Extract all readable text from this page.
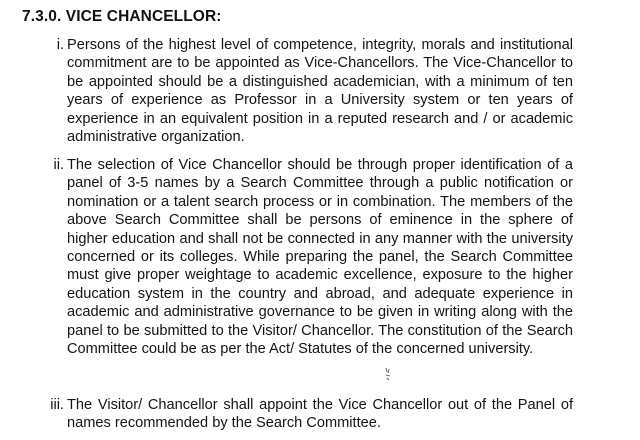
7.3.0. VICE CHANCELLOR:
i. Persons of the highest level of competence, integrity, morals and institutional commitment are to be appointed as Vice-Chancellors. The Vice-Chancellor to be appointed should be a distinguished academician, with a minimum of ten years of experience as Professor in a University system or ten years of experience in an equivalent position in a reputed research and / or academic administrative organization.
ii. The selection of Vice Chancellor should be through proper identification of a panel of 3-5 names by a Search Committee through a public notification or nomination or a talent search process or in combination. The members of the above Search Committee shall be persons of eminence in the sphere of higher education and shall not be connected in any manner with the university concerned or its colleges. While preparing the panel, the Search Committee must give proper weightage to academic excellence, exposure to the higher education system in the country and abroad, and adequate experience in academic and administrative governance to be given in writing along with the panel to be submitted to the Visitor/ Chancellor. The constitution of the Search Committee could be as per the Act/ Statutes of the concerned university.
iii. The Visitor/ Chancellor shall appoint the Vice Chancellor out of the Panel of names recommended by the Search Committee.
